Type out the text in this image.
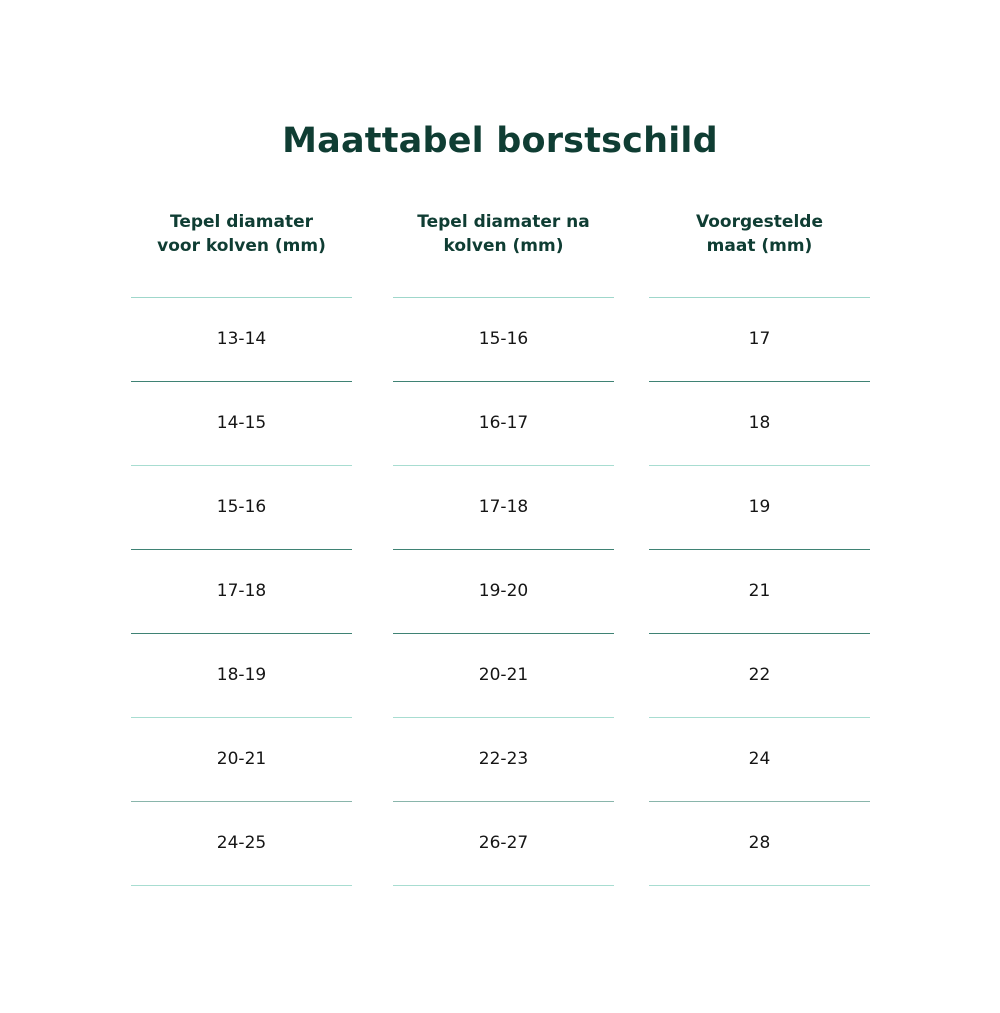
Maattabel borstschild
Tepel diamater
voor kolven (mm)
13-14
14-15
15-16
17-18
18-19
20-21
24-25
Tepel diamater na
kolven (mm)
15-16
16-17
17-18
19-20
20-21
22-23
26-27
Voorgestelde
maat (mm)
17
18
19
21
22
24
28
